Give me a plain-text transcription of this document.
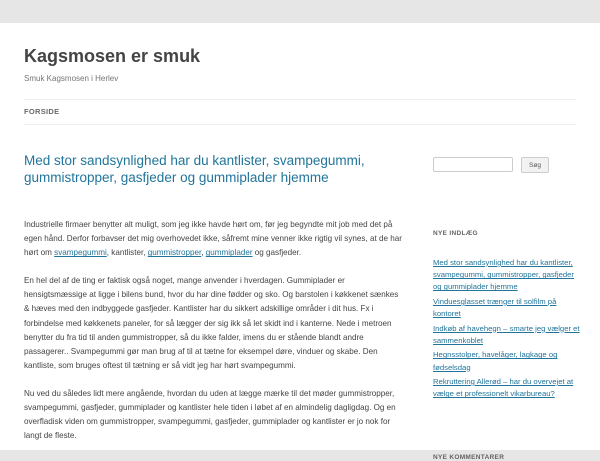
Kagsmosen er smuk
Smuk Kagsmosen i Herlev
FORSIDE
Med stor sandsynlighed har du kantlister, svampegummi, gummistropper, gasfjeder og gummiplader hjemme

Industrielle firmaer benytter alt muligt, som jeg ikke havde hørt om, før jeg begyndte mit job med det på egen hånd. Derfor forbavser det mig overhovedet ikke, såfremt mine venner ikke rigtig vil synes, at de har hørt om svampegummi, kantlister, gummistropper, gummiplader og gasfjeder.

En hel del af de ting er faktisk også noget, mange anvender i hverdagen. Gummiplader er hensigtsmæssige at ligge i bilens bund, hvor du har dine fødder og sko. Og barstolen i køkkenet sænkes & hæves med den indbyggede gasfjeder. Kantlister har du sikkert adskillige områder i dit hus. Fx i forbindelse med køkkenets paneler, for så lægger der sig ikk så let skidt ind i kanterne. Nede i metroen benytter du fra tid til anden gummistropper, så du ikke falder, imens du er stående blandt andre passagerer.. Svampegummi gør man brug af til at tætne for eksempel døre, vinduer og skabe. Den kantliste, som bruges oftest til tætning er så vidt jeg har hørt svampegummi.

Nu ved du således lidt mere angående, hvordan du uden at lægge mærke til det møder gummistropper, svampegummi, gasfjeder, gummiplader og kantlister hele tiden i løbet af en almindelig dagligdag. Og en overfladisk viden om gummistropper, svampegummi, gasfjeder, gummiplader og kantlister er jo nok for langt de fleste.

Søg
NYE INDLÆG
Med stor sandsynlighed har du kantlister, svampegummi, gummistropper, gasfjeder og gummiplader hjemme
Vinduesglasset trænger til solfilm på kontoret
Indkøb af havehegn – smarte jeg vælger et sammenkoblet
Hegnsstolper, havelåger, lagkage og fødselsdag
Rekruttering Allerød – har du overvejet at vælge et professionelt vikarbureau?
NYE KOMMENTARER
